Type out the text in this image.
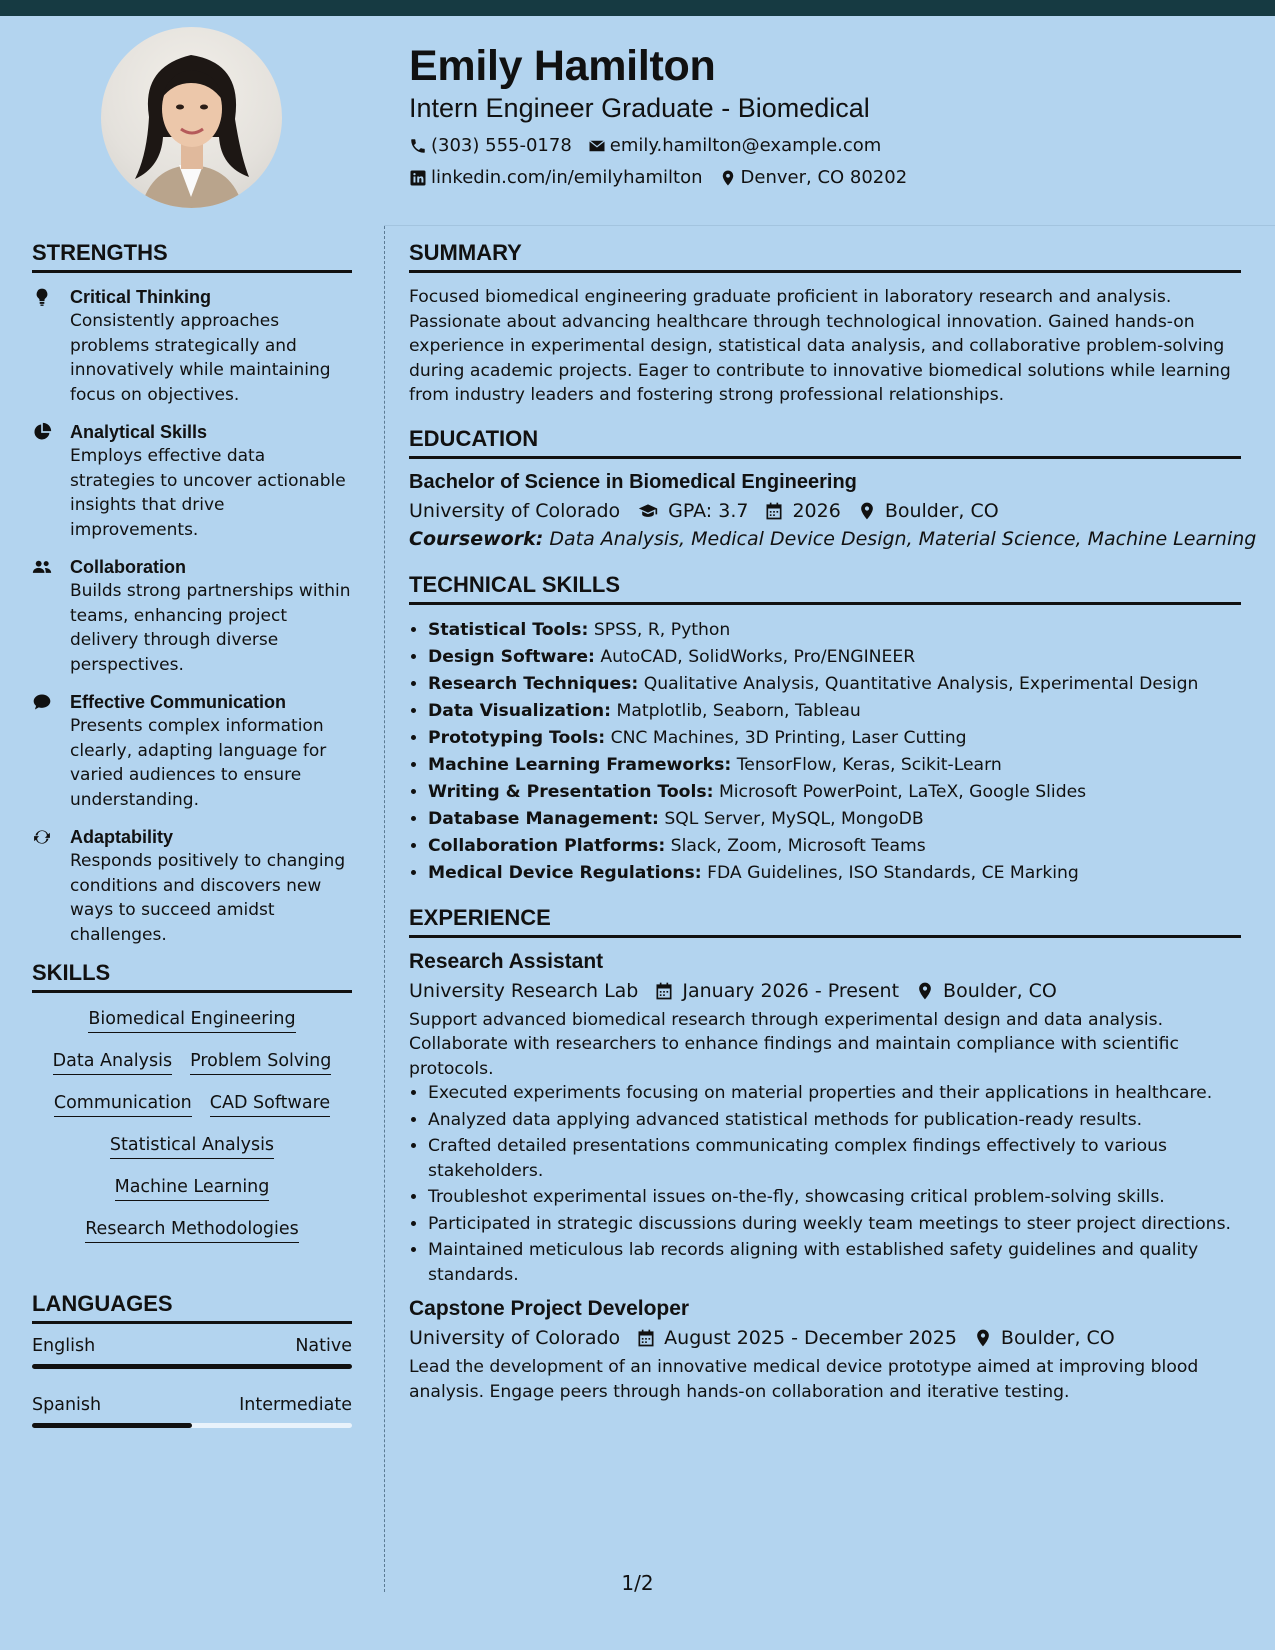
Emily Hamilton
Intern Engineer Graduate - Biomedical
(303) 555-0178 emily.hamilton@example.com
linkedin.com/in/emilyhamilton Denver, CO 80202
STRENGTHS
Critical Thinking
Consistently approaches problems strategically and innovatively while maintaining focus on objectives.
Analytical Skills
Employs effective data strategies to uncover actionable insights that drive improvements.
Collaboration
Builds strong partnerships within teams, enhancing project delivery through diverse perspectives.
Effective Communication
Presents complex information clearly, adapting language for varied audiences to ensure understanding.
Adaptability
Responds positively to changing conditions and discovers new ways to succeed amidst challenges.
SKILLS
Biomedical Engineering
Data Analysis Problem Solving
Communication CAD Software
Statistical Analysis
Machine Learning
Research Methodologies
LANGUAGES
English	Native
Spanish	Intermediate
SUMMARY
Focused biomedical engineering graduate proficient in laboratory research and analysis. Passionate about advancing healthcare through technological innovation. Gained hands-on experience in experimental design, statistical data analysis, and collaborative problem-solving during academic projects. Eager to contribute to innovative biomedical solutions while learning from industry leaders and fostering strong professional relationships.
EDUCATION
Bachelor of Science in Biomedical Engineering
University of Colorado	GPA: 3.7 2026 Boulder, CO
Coursework: Data Analysis, Medical Device Design, Material Science, Machine Learning
TECHNICAL SKILLS
• Statistical Tools: SPSS, R, Python
• Design Software: AutoCAD, SolidWorks, Pro/ENGINEER
• Research Techniques: Qualitative Analysis, Quantitative Analysis, Experimental Design
• Data Visualization: Matplotlib, Seaborn, Tableau
• Prototyping Tools: CNC Machines, 3D Printing, Laser Cutting
• Machine Learning Frameworks: TensorFlow, Keras, Scikit-Learn
• Writing & Presentation Tools: Microsoft PowerPoint, LaTeX, Google Slides
• Database Management: SQL Server, MySQL, MongoDB
• Collaboration Platforms: Slack, Zoom, Microsoft Teams
• Medical Device Regulations: FDA Guidelines, ISO Standards, CE Marking
EXPERIENCE
Research Assistant
University Research Lab January 2026 - Present Boulder, CO
Support advanced biomedical research through experimental design and data analysis. Collaborate with researchers to enhance findings and maintain compliance with scientific protocols.
• Executed experiments focusing on material properties and their applications in healthcare.
• Analyzed data applying advanced statistical methods for publication-ready results.
• Crafted detailed presentations communicating complex findings effectively to various stakeholders.
• Troubleshot experimental issues on-the-fly, showcasing critical problem-solving skills.
• Participated in strategic discussions during weekly team meetings to steer project directions.
• Maintained meticulous lab records aligning with established safety guidelines and quality standards.
Capstone Project Developer
University of Colorado August 2025 - December 2025 Boulder, CO
Lead the development of an innovative medical device prototype aimed at improving blood analysis. Engage peers through hands-on collaboration and iterative testing.
1/2
